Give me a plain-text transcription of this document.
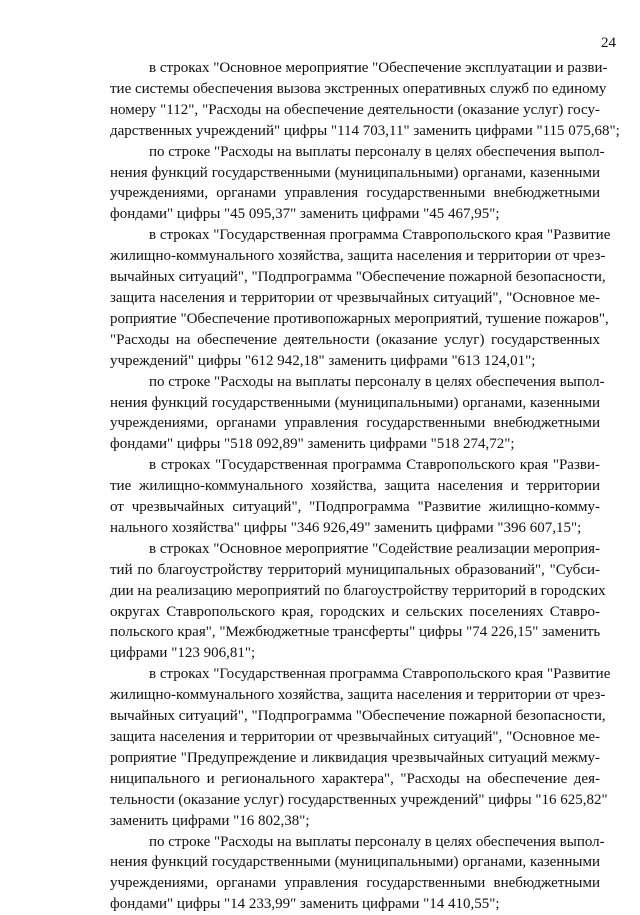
24
в строках "Основное мероприятие "Обеспечение эксплуатации и разви-
тие системы обеспечения вызова экстренных оперативных служб по единому
номеру "112", "Расходы на обеспечение деятельности (оказание услуг) госу-
дарственных учреждений" цифры "114 703,11" заменить цифрами "115 075,68";
по строке "Расходы на выплаты персоналу в целях обеспечения выпол-
нения функций государственными (муниципальными) органами, казенными
учреждениями, органами управления государственными внебюджетными
фондами" цифры "45 095,37" заменить цифрами "45 467,95";
в строках "Государственная программа Ставропольского края "Развитие
жилищно-коммунального хозяйства, защита населения и территории от чрез-
вычайных ситуаций", "Подпрограмма "Обеспечение пожарной безопасности,
защита населения и территории от чрезвычайных ситуаций", "Основное ме-
роприятие "Обеспечение противопожарных мероприятий, тушение пожаров",
"Расходы на обеспечение деятельности (оказание услуг) государственных
учреждений" цифры "612 942,18" заменить цифрами "613 124,01";
по строке "Расходы на выплаты персоналу в целях обеспечения выпол-
нения функций государственными (муниципальными) органами, казенными
учреждениями, органами управления государственными внебюджетными
фондами" цифры "518 092,89" заменить цифрами "518 274,72";
в строках "Государственная программа Ставропольского края "Разви-
тие жилищно-коммунального хозяйства, защита населения и территории
от чрезвычайных ситуаций", "Подпрограмма "Развитие жилищно-комму-
нального хозяйства" цифры "346 926,49" заменить цифрами "396 607,15";
в строках "Основное мероприятие "Содействие реализации мероприя-
тий по благоустройству территорий муниципальных образований", "Субси-
дии на реализацию мероприятий по благоустройству территорий в городских
округах Ставропольского края, городских и сельских поселениях Ставро-
польского края", "Межбюджетные трансферты" цифры "74 226,15" заменить
цифрами "123 906,81";
в строках "Государственная программа Ставропольского края "Развитие
жилищно-коммунального хозяйства, защита населения и территории от чрез-
вычайных ситуаций", "Подпрограмма "Обеспечение пожарной безопасности,
защита населения и территории от чрезвычайных ситуаций", "Основное ме-
роприятие "Предупреждение и ликвидация чрезвычайных ситуаций межму-
ниципального и регионального характера", "Расходы на обеспечение дея-
тельности (оказание услуг) государственных учреждений" цифры "16 625,82"
заменить цифрами "16 802,38";
по строке "Расходы на выплаты персоналу в целях обеспечения выпол-
нения функций государственными (муниципальными) органами, казенными
учреждениями, органами управления государственными внебюджетными
фондами" цифры "14 233,99" заменить цифрами "14 410,55";
